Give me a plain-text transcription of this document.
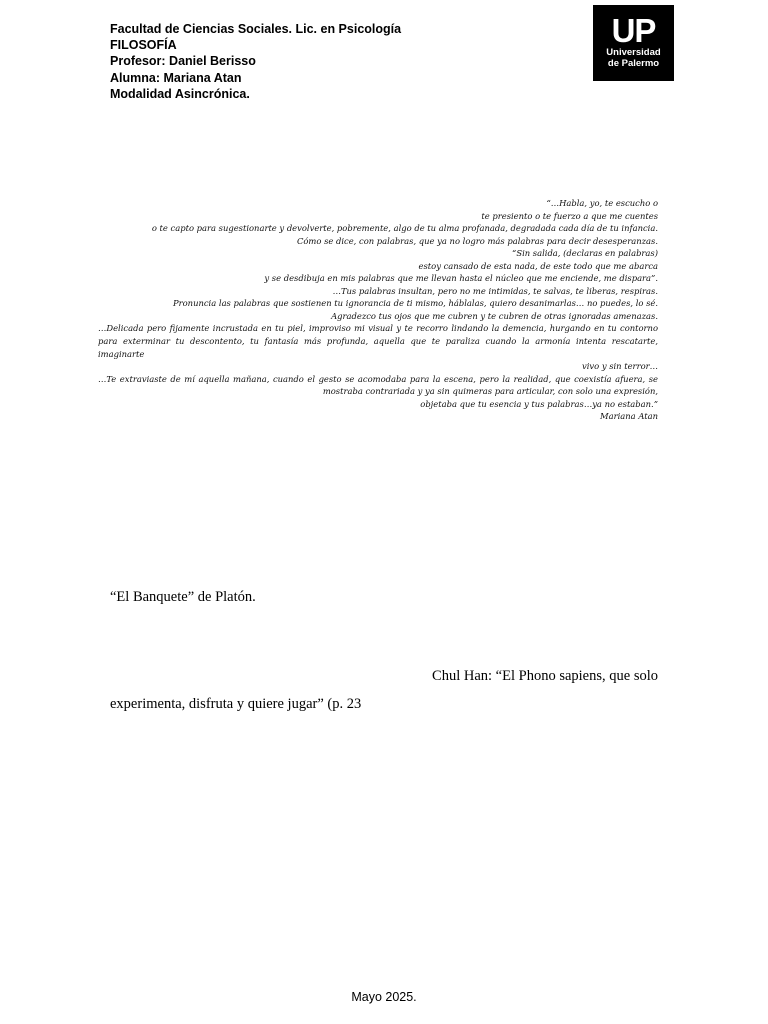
Facultad de Ciencias Sociales. Lic. en Psicología
FILOSOFÍA
Profesor: Daniel Berisso
Alumna: Mariana Atan
Modalidad Asincrónica.
UP
Universidad
de Palermo
“…Habla, yo, te escucho o
te presiento o te fuerzo a que me cuentes
o te capto para sugestionarte y devolverte, pobremente, algo de tu alma profanada, degradada cada día de tu infancia.
Cómo se dice, con palabras, que ya no logro más palabras para decir desesperanzas.
“Sin salida, (declaras en palabras)
estoy cansado de esta nada, de este todo que me abarca
y se desdibuja en mis palabras que me llevan hasta el núcleo que me enciende, me dispara”.
…Tus palabras insultan, pero no me intimidas, te salvas, te liberas, respiras.
Pronuncia las palabras que sostienen tu ignorancia de ti mismo, háblalas, quiero desanimarlas… no puedes, lo sé.
Agradezco tus ojos que me cubren y te cubren de otras ignoradas amenazas.
…Delicada pero fijamente incrustada en tu piel, improviso mi visual y te recorro lindando la demencia, hurgando en tu contorno
para exterminar tu descontento, tu fantasía más profunda, aquella que te paraliza cuando la armonía intenta rescatarte, imaginarte
vivo y sin terror…
…Te extraviaste de mí aquella mañana, cuando el gesto se acomodaba para la escena, pero la realidad, que coexistía afuera, se
mostraba contrariada y ya sin quimeras para articular, con solo una expresión,
objetaba que tu esencia y tus palabras…ya no estaban.”
Mariana Atan
“El Banquete” de Platón.
Chul Han: “El Phono sapiens, que solo
experimenta, disfruta y quiere jugar” (p. 23
Mayo 2025.
